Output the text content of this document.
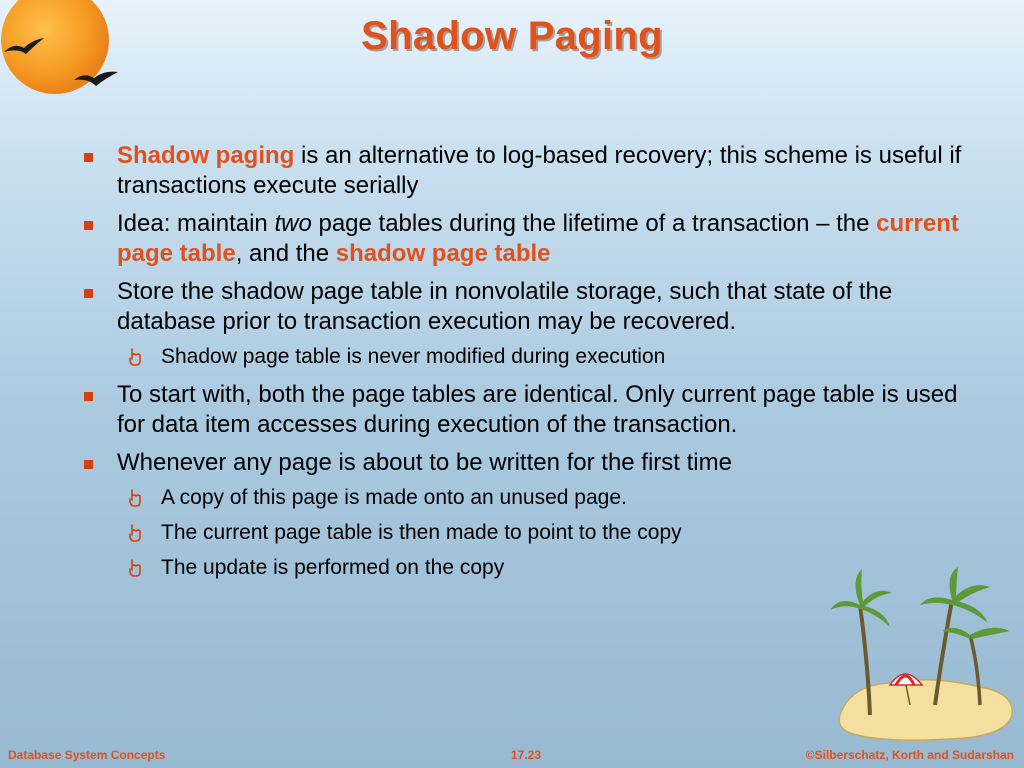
Shadow Paging
Shadow paging is an alternative to log-based recovery; this scheme is useful if transactions execute serially
Idea: maintain two page tables during the lifetime of a transaction – the current page table, and the shadow page table
Store the shadow page table in nonvolatile storage, such that state of the database prior to transaction execution may be recovered.
Shadow page table is never modified during execution
To start with, both the page tables are identical. Only current page table is used for data item accesses during execution of the transaction.
Whenever any page is about to be written for the first time
A copy of this page is made onto an unused page.
The current page table is then made to point to the copy
The update is performed on the copy
Database System Concepts	17.23	©Silberschatz, Korth and Sudarshan
